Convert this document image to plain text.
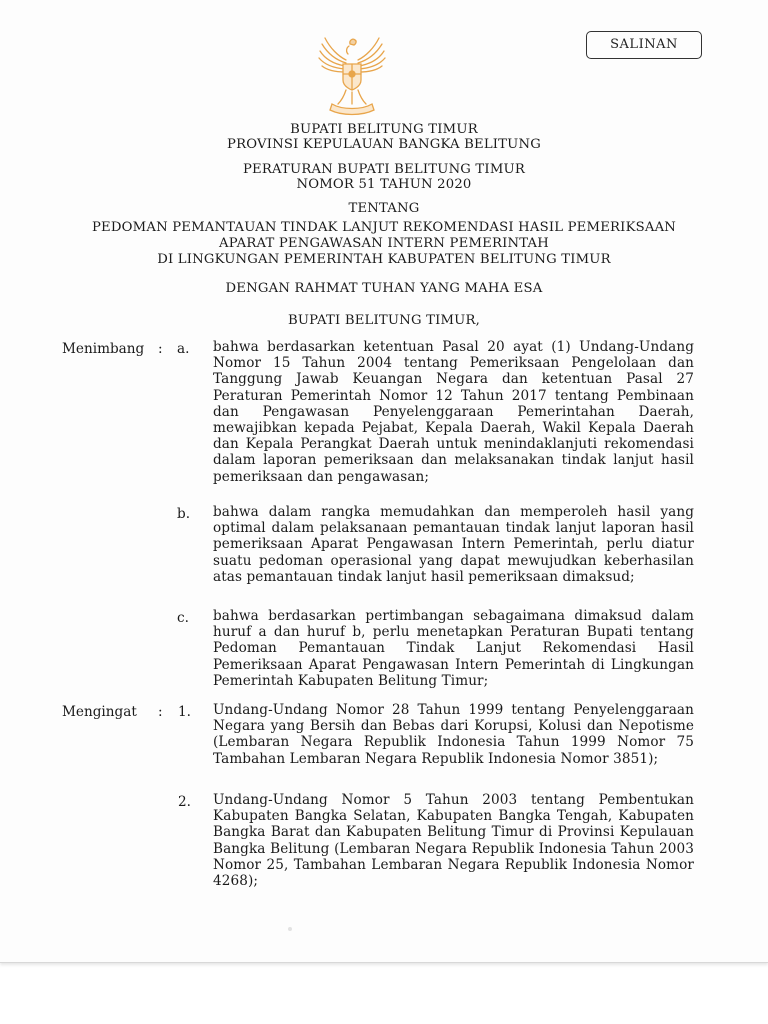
SALINAN
BUPATI BELITUNG TIMUR
PROVINSI KEPULAUAN BANGKA BELITUNG
PERATURAN BUPATI BELITUNG TIMUR
NOMOR 51 TAHUN 2020
TENTANG
PEDOMAN PEMANTAUAN TINDAK LANJUT REKOMENDASI HASIL PEMERIKSAAN
APARAT PENGAWASAN INTERN PEMERINTAH
DI LINGKUNGAN PEMERINTAH KABUPATEN BELITUNG TIMUR
DENGAN RAHMAT TUHAN YANG MAHA ESA
BUPATI BELITUNG TIMUR,
Menimbang : a. bahwa berdasarkan ketentuan Pasal 20 ayat (1) Undang-Undang Nomor 15 Tahun 2004 tentang Pemeriksaan Pengelolaan dan Tanggung Jawab Keuangan Negara dan ketentuan Pasal 27 Peraturan Pemerintah Nomor 12 Tahun 2017 tentang Pembinaan dan Pengawasan Penyelenggaraan Pemerintahan Daerah, mewajibkan kepada Pejabat, Kepala Daerah, Wakil Kepala Daerah dan Kepala Perangkat Daerah untuk menindaklanjuti rekomendasi dalam laporan pemeriksaan dan melaksanakan tindak lanjut hasil pemeriksaan dan pengawasan;
b. bahwa dalam rangka memudahkan dan memperoleh hasil yang optimal dalam pelaksanaan pemantauan tindak lanjut laporan hasil pemeriksaan Aparat Pengawasan Intern Pemerintah, perlu diatur suatu pedoman operasional yang dapat mewujudkan keberhasilan atas pemantauan tindak lanjut hasil pemeriksaan dimaksud;
c. bahwa berdasarkan pertimbangan sebagaimana dimaksud dalam huruf a dan huruf b, perlu menetapkan Peraturan Bupati tentang Pedoman Pemantauan Tindak Lanjut Rekomendasi Hasil Pemeriksaan Aparat Pengawasan Intern Pemerintah di Lingkungan Pemerintah Kabupaten Belitung Timur;
Mengingat : 1. Undang-Undang Nomor 28 Tahun 1999 tentang Penyelenggaraan Negara yang Bersih dan Bebas dari Korupsi, Kolusi dan Nepotisme (Lembaran Negara Republik Indonesia Tahun 1999 Nomor 75 Tambahan Lembaran Negara Republik Indonesia Nomor 3851);
2. Undang-Undang Nomor 5 Tahun 2003 tentang Pembentukan Kabupaten Bangka Selatan, Kabupaten Bangka Tengah, Kabupaten Bangka Barat dan Kabupaten Belitung Timur di Provinsi Kepulauan Bangka Belitung (Lembaran Negara Republik Indonesia Tahun 2003 Nomor 25, Tambahan Lembaran Negara Republik Indonesia Nomor 4268);
